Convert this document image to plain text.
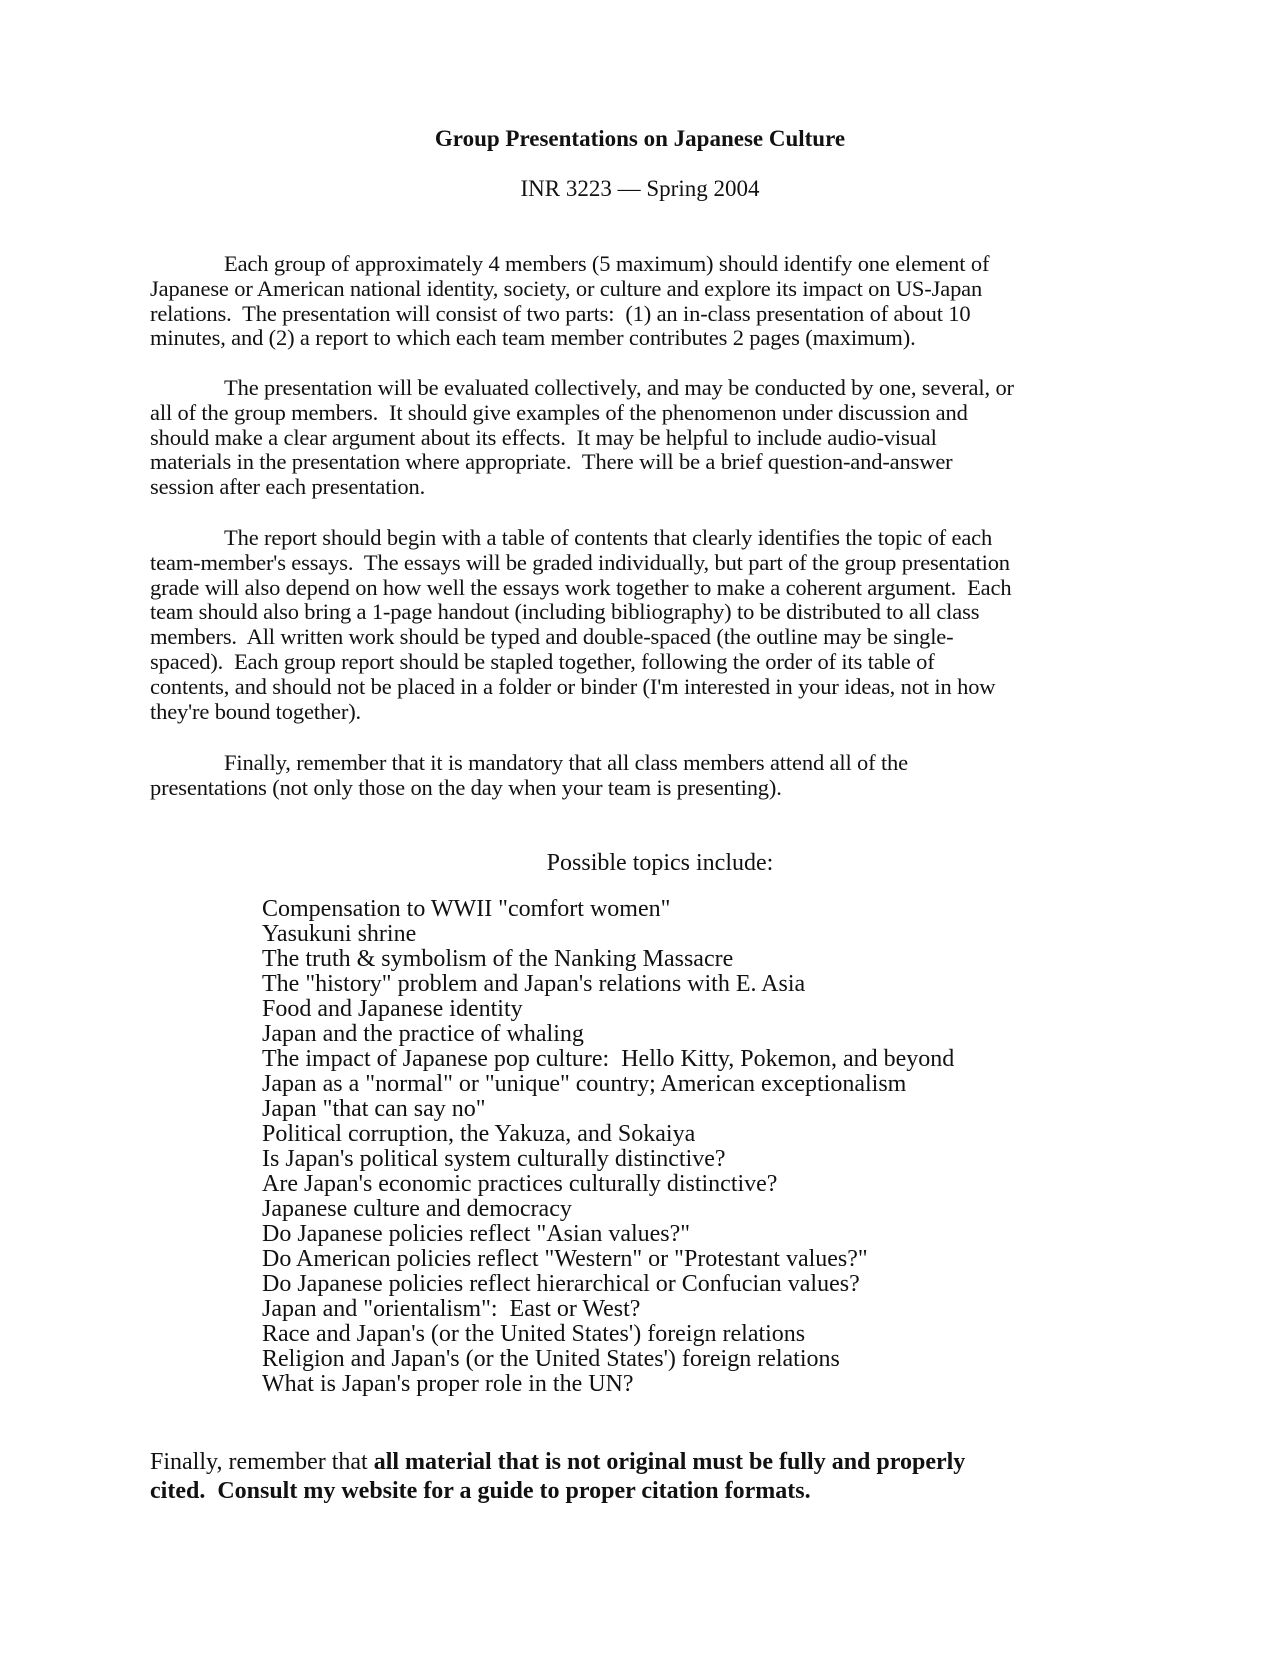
Group Presentations on Japanese Culture
INR 3223 — Spring 2004
Each group of approximately 4 members (5 maximum) should identify one element of
Japanese or American national identity, society, or culture and explore its impact on US-Japan
relations.  The presentation will consist of two parts:  (1) an in-class presentation of about 10
minutes, and (2) a report to which each team member contributes 2 pages (maximum).
The presentation will be evaluated collectively, and may be conducted by one, several, or
all of the group members.  It should give examples of the phenomenon under discussion and
should make a clear argument about its effects.  It may be helpful to include audio-visual
materials in the presentation where appropriate.  There will be a brief question-and-answer
session after each presentation.
The report should begin with a table of contents that clearly identifies the topic of each
team-member's essays.  The essays will be graded individually, but part of the group presentation
grade will also depend on how well the essays work together to make a coherent argument.  Each
team should also bring a 1-page handout (including bibliography) to be distributed to all class
members.  All written work should be typed and double-spaced (the outline may be single-
spaced).  Each group report should be stapled together, following the order of its table of
contents, and should not be placed in a folder or binder (I'm interested in your ideas, not in how
they're bound together).
Finally, remember that it is mandatory that all class members attend all of the
presentations (not only those on the day when your team is presenting).
Possible topics include:
Compensation to WWII "comfort women"
Yasukuni shrine
The truth & symbolism of the Nanking Massacre
The "history" problem and Japan's relations with E. Asia
Food and Japanese identity
Japan and the practice of whaling
The impact of Japanese pop culture:  Hello Kitty, Pokemon, and beyond
Japan as a "normal" or "unique" country; American exceptionalism
Japan "that can say no"
Political corruption, the Yakuza, and Sokaiya
Is Japan's political system culturally distinctive?
Are Japan's economic practices culturally distinctive?
Japanese culture and democracy
Do Japanese policies reflect "Asian values?"
Do American policies reflect "Western" or "Protestant values?"
Do Japanese policies reflect hierarchical or Confucian values?
Japan and "orientalism":  East or West?
Race and Japan's (or the United States') foreign relations
Religion and Japan's (or the United States') foreign relations
What is Japan's proper role in the UN?
Finally, remember that all material that is not original must be fully and properly
cited.  Consult my website for a guide to proper citation formats.
